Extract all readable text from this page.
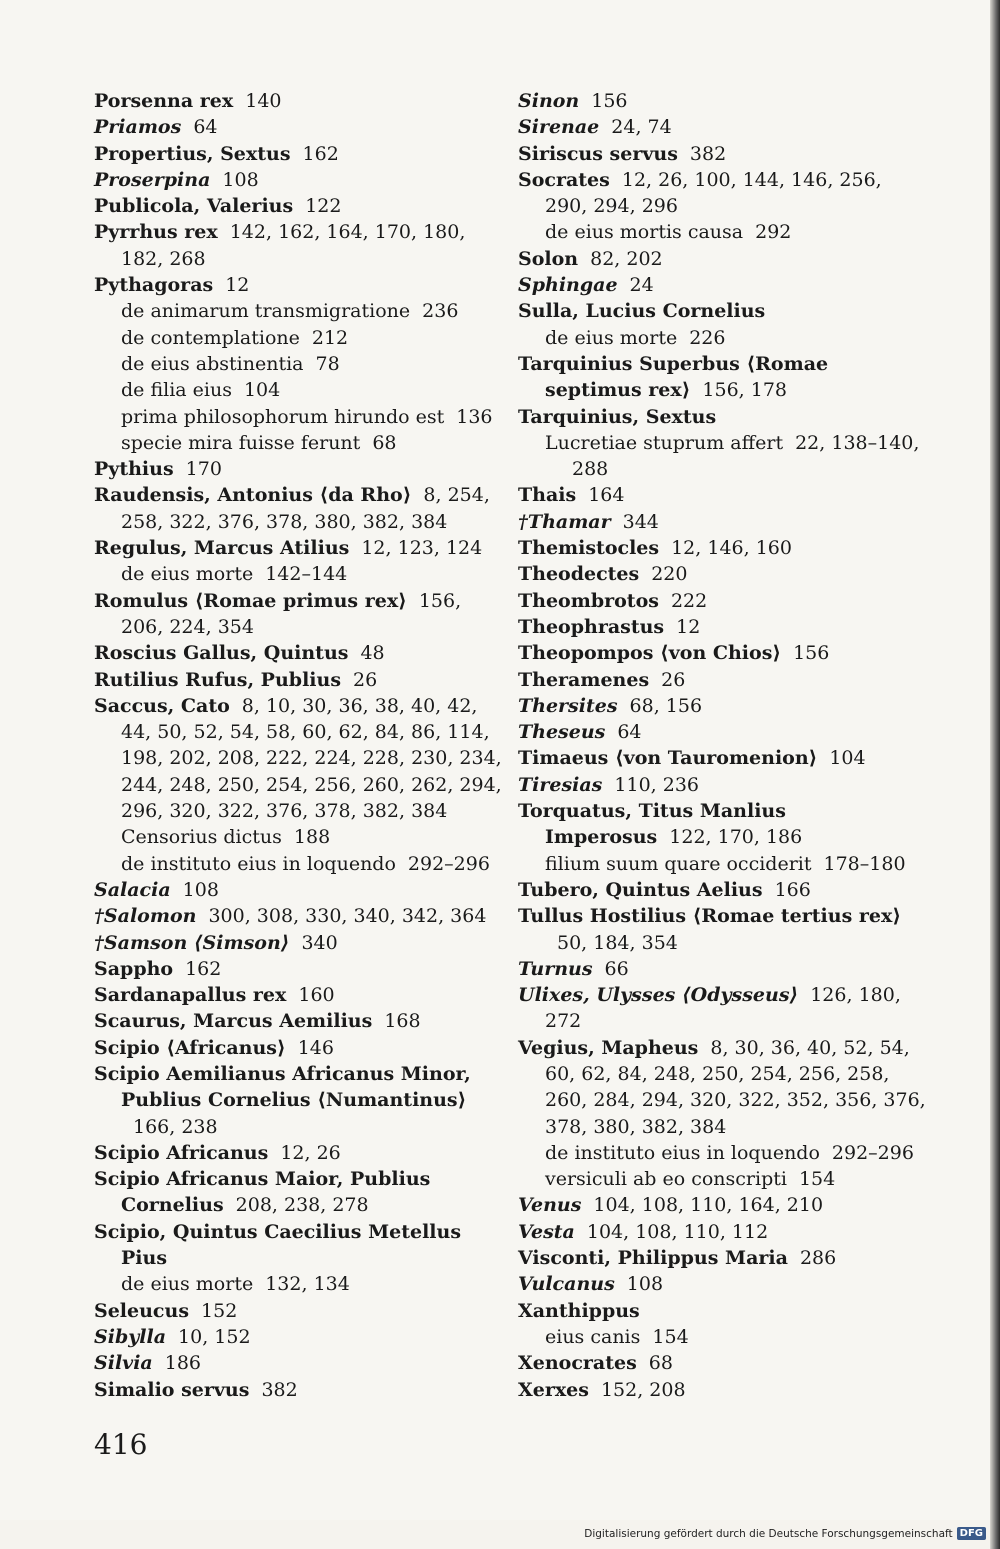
Porsenna rex 140
Priamos 64
Propertius, Sextus 162
Proserpina 108
Publicola, Valerius 122
Pyrrhus rex 142, 162, 164, 170, 180, 182, 268
Pythagoras 12
de animarum transmigratione 236
de contemplatione 212
de eius abstinentia 78
de filia eius 104
prima philosophorum hirundo est 136
specie mira fuisse ferunt 68
Pythius 170
Raudensis, Antonius ⟨da Rho⟩ 8, 254, 258, 322, 376, 378, 380, 382, 384
Regulus, Marcus Atilius 12, 123, 124
de eius morte 142–144
Romulus ⟨Romae primus rex⟩ 156, 206, 224, 354
Roscius Gallus, Quintus 48
Rutilius Rufus, Publius 26
Saccus, Cato 8, 10, 30, 36, 38, 40, 42, 44, 50, 52, 54, 58, 60, 62, 84, 86, 114, 198, 202, 208, 222, 224, 228, 230, 234, 244, 248, 250, 254, 256, 260, 262, 294, 296, 320, 322, 376, 378, 382, 384
Censorius dictus 188
de instituto eius in loquendo 292–296
Salacia 108
†Salomon 300, 308, 330, 340, 342, 364
†Samson ⟨Simson⟩ 340
Sappho 162
Sardanapallus rex 160
Scaurus, Marcus Aemilius 168
Scipio ⟨Africanus⟩ 146
Scipio Aemilianus Africanus Minor, Publius Cornelius ⟨Numantinus⟩166, 238
Scipio Africanus 12, 26
Scipio Africanus Maior, Publius Cornelius 208, 238, 278
Scipio, Quintus Caecilius Metellus Pius
de eius morte 132, 134
Seleucus 152
Sibylla 10, 152
Silvia 186
Simalio servus 382
Sinon 156
Sirenae 24, 74
Siriscus servus 382
Socrates 12, 26, 100, 144, 146, 256, 290, 294, 296
de eius mortis causa 292
Solon 82, 202
Sphingae 24
Sulla, Lucius Cornelius
de eius morte 226
Tarquinius Superbus ⟨Romae septimus rex⟩ 156, 178
Tarquinius, Sextus
Lucretiae stuprum affert 22, 138–140, 288
Thais 164
†Thamar 344
Themistocles 12, 146, 160
Theodectes 220
Theombrotos 222
Theophrastus 12
Theopompos ⟨von Chios⟩ 156
Theramenes 26
Thersites 68, 156
Theseus 64
Timaeus ⟨von Tauromenion⟩ 104
Tiresias 110, 236
Torquatus, Titus Manlius Imperosus 122, 170, 186
filium suum quare occiderit 178–180
Tubero, Quintus Aelius 166
Tullus Hostilius ⟨Romae tertius rex⟩50, 184, 354
Turnus 66
Ulixes, Ulysses ⟨Odysseus⟩ 126, 180, 272
Vegius, Mapheus 8, 30, 36, 40, 52, 54, 60, 62, 84, 248, 250, 254, 256, 258, 260, 284, 294, 320, 322, 352, 356, 376, 378, 380, 382, 384
de instituto eius in loquendo 292–296
versiculi ab eo conscripti 154
Venus 104, 108, 110, 164, 210
Vesta 104, 108, 110, 112
Visconti, Philippus Maria 286
Vulcanus 108
Xanthippus
eius canis 154
Xenocrates 68
Xerxes 152, 208
416
Digitalisierung gefördert durch die Deutsche Forschungsgemeinschaft DFG
